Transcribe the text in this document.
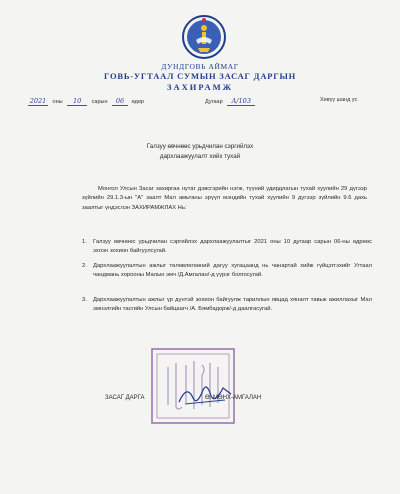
ДУНДГОВЬ АЙМАГ
ГОВЬ-УГТААЛ СУМЫН ЗАСАГ ДАРГЫН
ЗАХИРАМЖ
2021 оны 10 сарын 06 өдөр	Дугаар А/103	Хөвүү шанд ус
Галзуу өвчнөөс урьдчилан сэргийлэх
дархлаажуулалт хийх тухай
Монгол Улсын Засаг захиргаа нутаг дэвсгэрийн нэгж, түүний удирдлагын тухай хуулийн 29 дүгээр зүйлийн 29.1.3-ын "А" заалт Мал амьтаны эрүүл мэндийн тухай хуулийн 9 дүгээр зүйлийн 9.6 дахь заалтыг үндэслэн ЗАХИРАМЖЛАХ Нь:
1. Галзуу өвчнөөс урьдчилан сэргийлэх дархлаажуулалтыг 2021 оны 10 дугаар сарын 06-ны өдрөөс эхлэн зохион байгуулсугай.
2. Дархлаажуулалтын ажлыг төлөвлөгөөний дагуу хугацаанд нь чанартай хийж гүйцэтгэхийг Угтаал чандмань хорооны Малын эмч /Д.Амгалан/-д үүрэг болгосугай.
3. Дархлаажуулалтын ажлыг үр дүнтэй зохион байгуулж тариллын явцад хяналт тавьж ажиллахыг Мал эмнэлгийн тасгийн Улсын байцаагч /А. Бямбадорж/-д даалгасугай.
ЗАСАГ ДАРГА	Ө. МӨНХ-АМГАЛАН
